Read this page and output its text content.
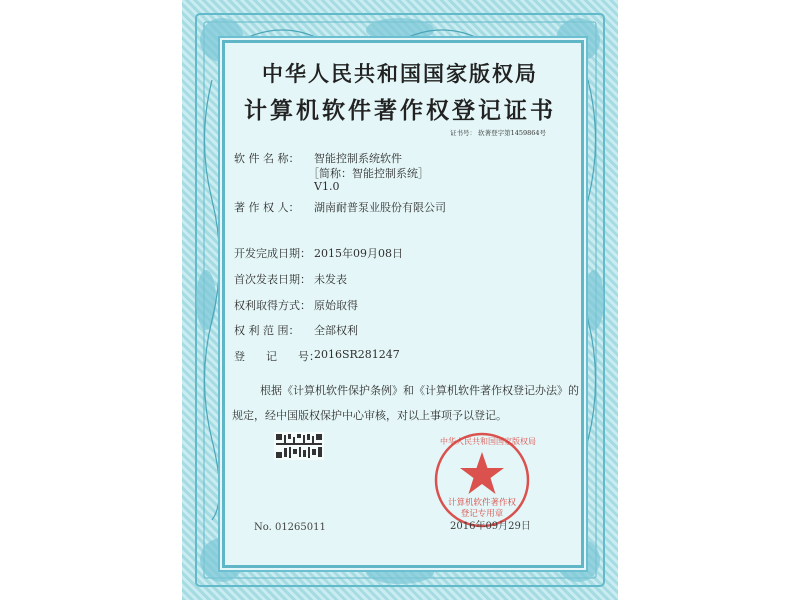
中华人民共和国国家版权局
计算机软件著作权登记证书
证书号： 软著登字第1459864号
软 件 名 称： 智能控制系统软件
［简称：智能控制系统］
V1.0
著 作 权 人： 湖南耐普泵业股份有限公司
开发完成日期： 2015年09月08日
首次发表日期： 未发表
权利取得方式： 原始取得
权 利 范 围： 全部权利
登      记      号：
2016SR281247
根据《计算机软件保护条例》和《计算机软件著作权登记办法》的
规定，经中国版权保护中心审核，对以上事项予以登记。
No. 01265011
中华人民共和国国家版权局
计算机软件著作权
登记专用章
2016年09月29日
